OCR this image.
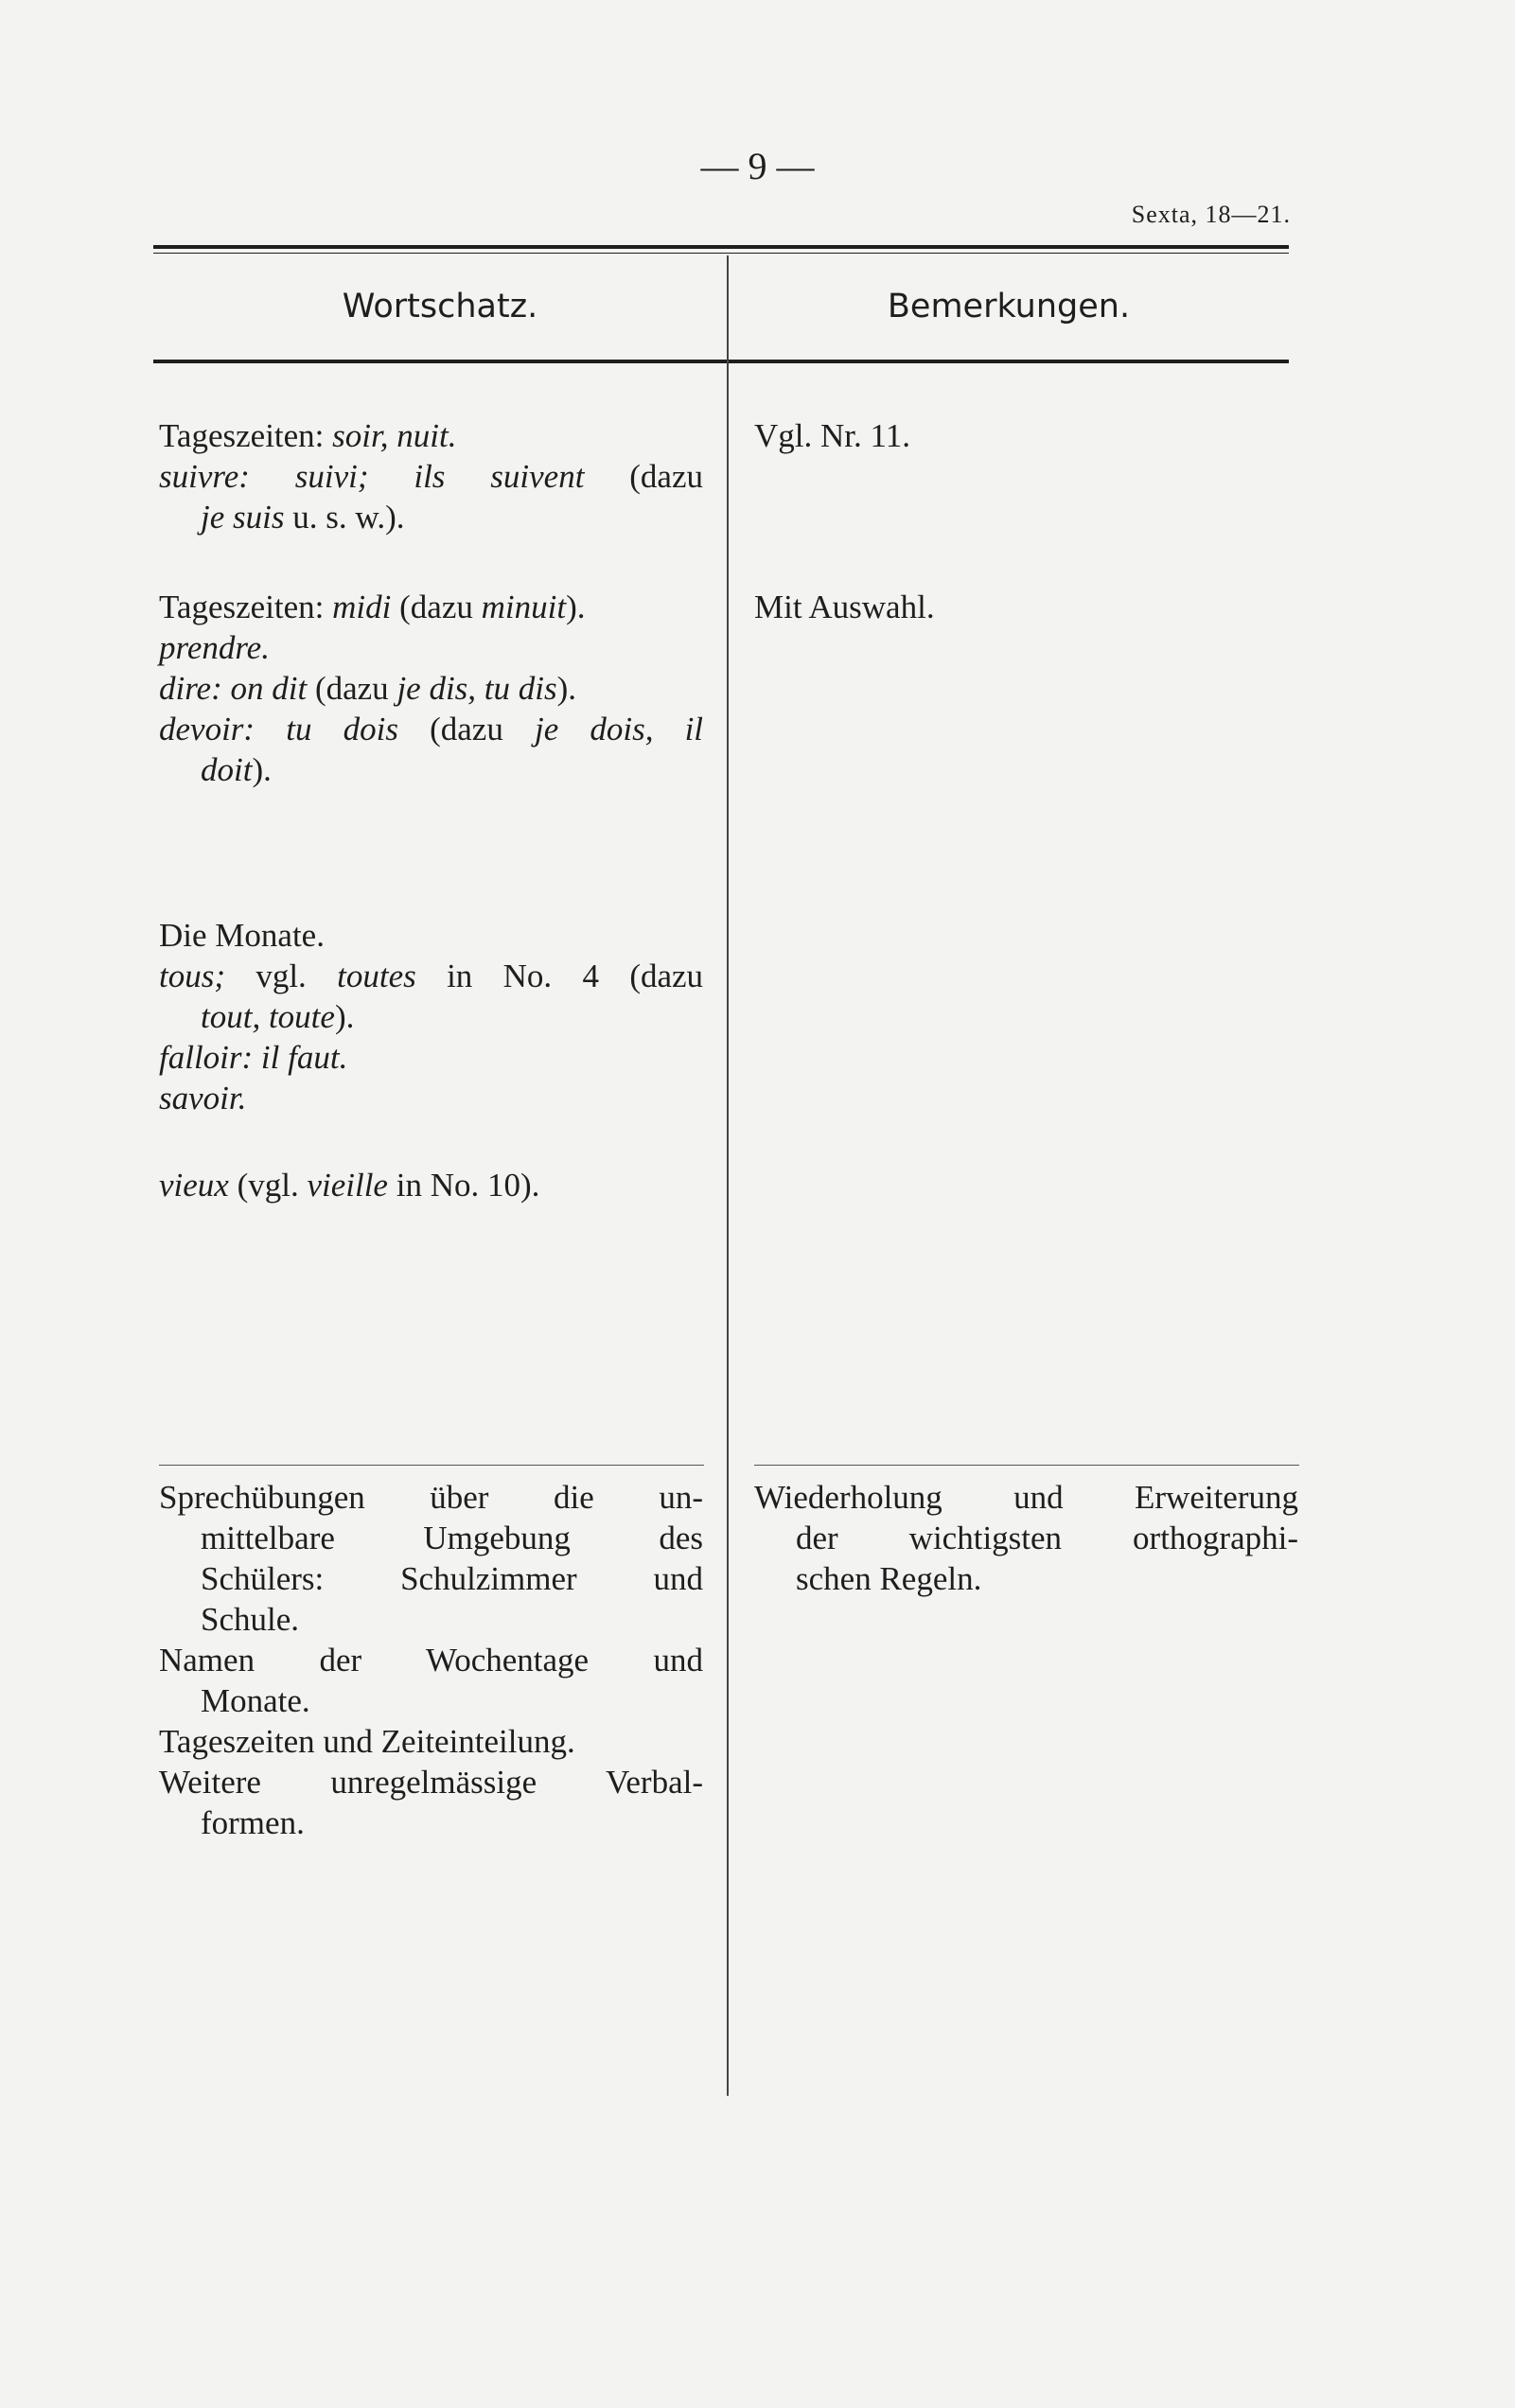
— 9 —
Sexta, 18—21.
Wortschatz.	Bemerkungen.

Tageszeiten: soir, nuit.

suivre: suivi; ils suivent (dazu

je suis u. s. w.).

Vgl. Nr. 11.

Tageszeiten: midi (dazu minuit).

prendre.

dire: on dit (dazu je dis, tu dis).

devoir: tu dois (dazu je dois, il

doit).

Mit Auswahl.

Die Monate.

tous; vgl. toutes in No. 4 (dazu

tout, toute).

falloir: il faut.

savoir.

vieux (vgl. vieille in No. 10).

Sprechübungen über die un-

mittelbare Umgebung des

Schülers: Schulzimmer und

Schule.

Namen der Wochentage und

Monate.

Tageszeiten und Zeiteinteilung.

Weitere unregelmässige Verbal-

formen.

Wiederholung und Erweiterung

der wichtigsten orthographi-

schen Regeln.
